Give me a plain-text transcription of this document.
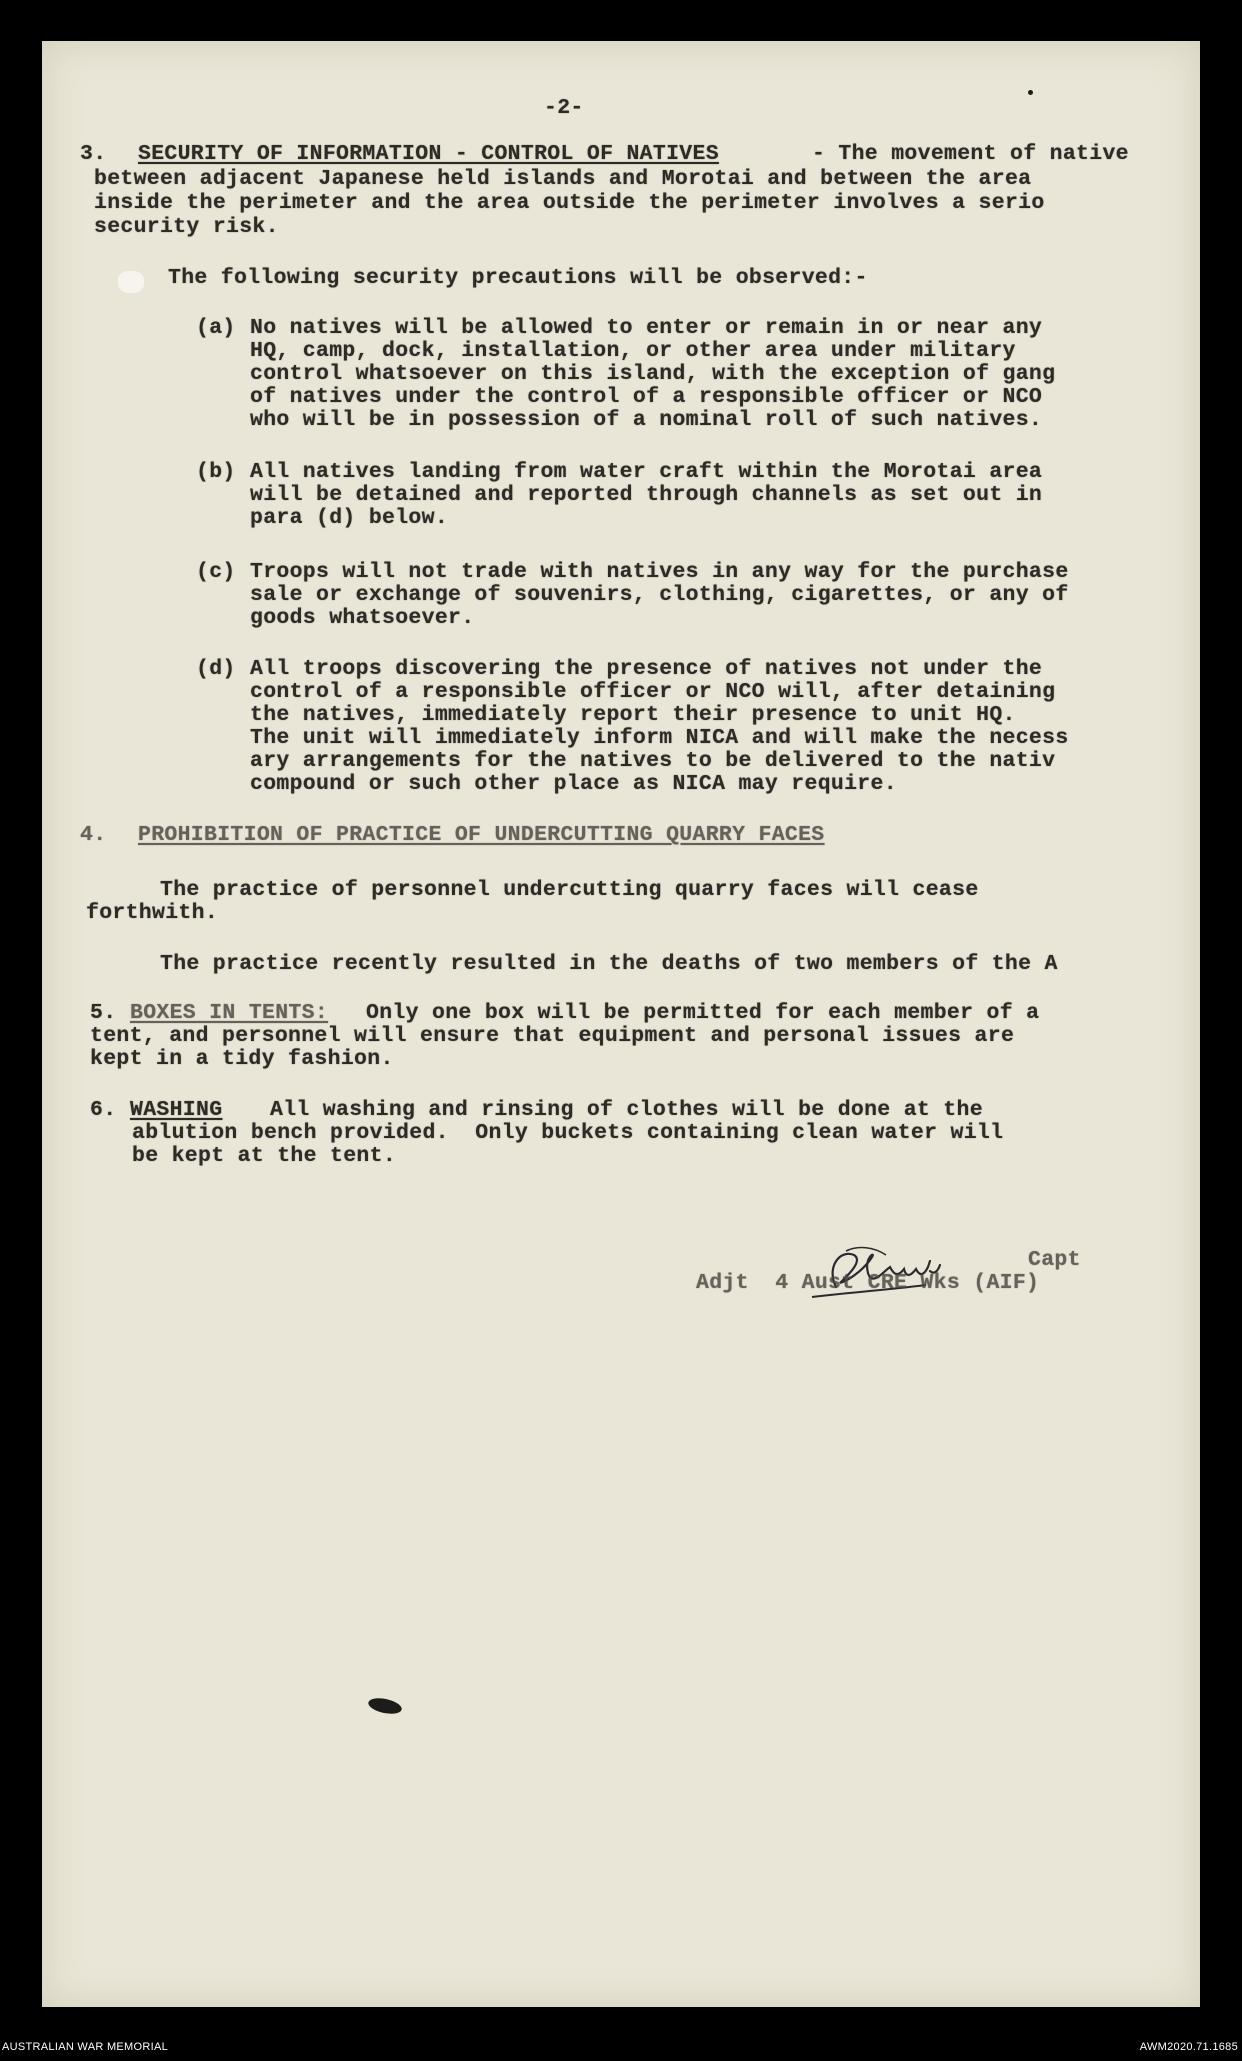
-2-

3. SECURITY OF INFORMATION - CONTROL OF NATIVES	- The movement of native

between adjacent Japanese held islands and Morotai and between the area

inside the perimeter and the area outside the perimeter involves a serio

security risk.

The following security precautions will be observed:-

(a) No natives will be allowed to enter or remain in or near any

HQ, camp, dock, installation, or other area under military

control whatsoever on this island, with the exception of gang

of natives under the control of a responsible officer or NCO

who will be in possession of a nominal roll of such natives.

(b) All natives landing from water craft within the Morotai area

will be detained and reported through channels as set out in

para (d) below.

(c) Troops will not trade with natives in any way for the purchase

sale or exchange of souvenirs, clothing, cigarettes, or any of

goods whatsoever.

(d) All troops discovering the presence of natives not under the

control of a responsible officer or NCO will, after detaining

the natives, immediately report their presence to unit HQ.

The unit will immediately inform NICA and will make the necess

ary arrangements for the natives to be delivered to the nativ

compound or such other place as NICA may require.

4. PROHIBITION OF PRACTICE OF UNDERCUTTING QUARRY FACES

The practice of personnel undercutting quarry faces will cease

forthwith.

The practice recently resulted in the deaths of two members of the A

5. BOXES IN TENTS: Only one box will be permitted for each member of a

tent, and personnel will ensure that equipment and personal issues are

kept in a tidy fashion.

6. WASHING All washing and rinsing of clothes will be done at the

ablution bench provided.  Only buckets containing clean water will

be kept at the tent.

Capt

Adjt  4 Aust CRE Wks (AIF)

AUSTRALIAN WAR MEMORIAL	AWM2020.71.1685
